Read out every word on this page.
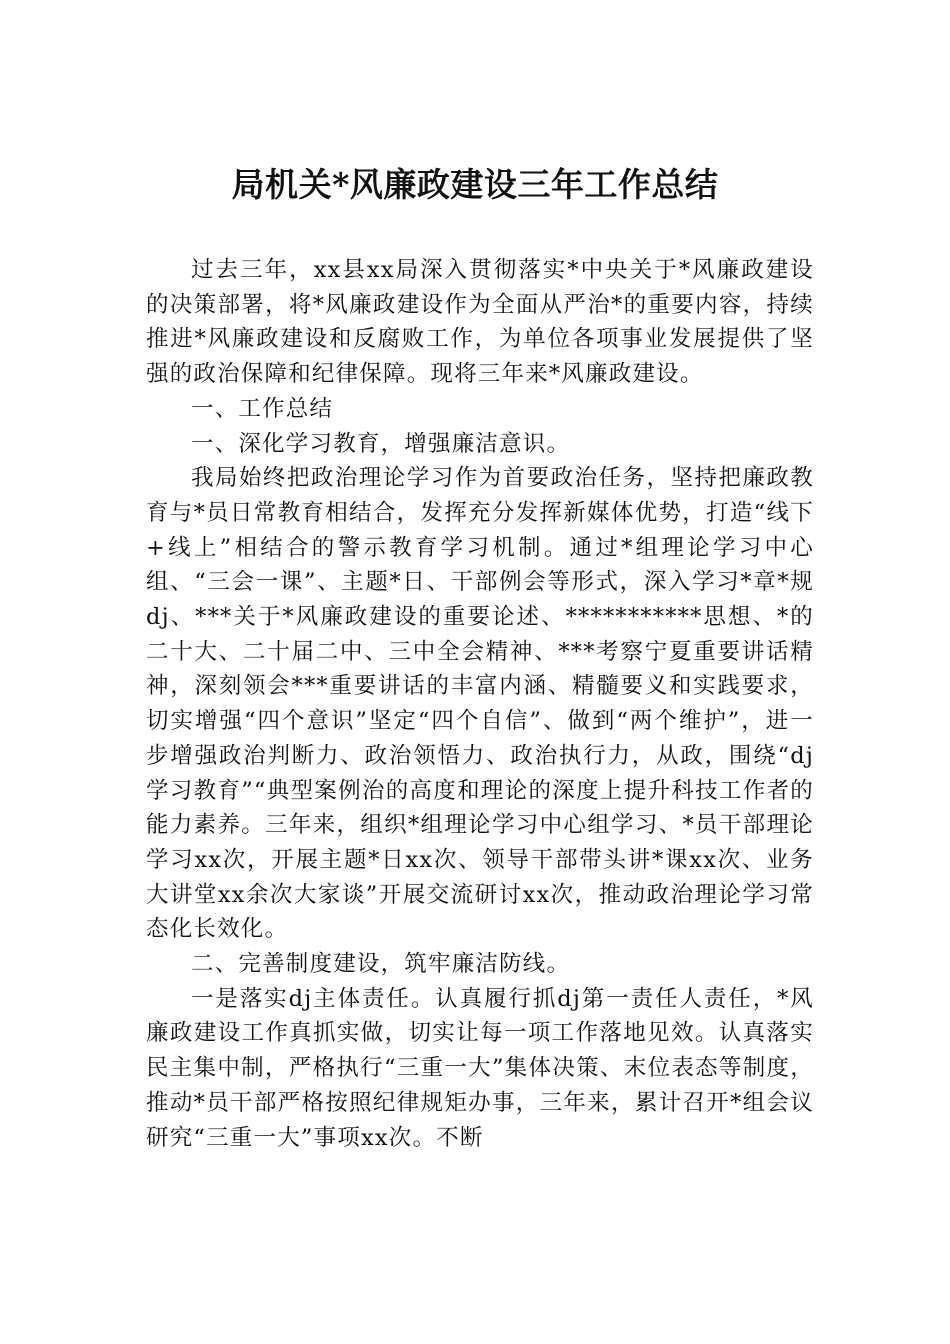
局机关*风廉政建设三年工作总结

过去三年，xx县xx局深入贯彻落实*中央关于*风廉政建设的决策部署，将*风廉政建设作为全面从严治*的重要内容，持续推进*风廉政建设和反腐败工作，为单位各项事业发展提供了坚强的政治保障和纪律保障。现将三年来*风廉政建设。

一、工作总结

一、深化学习教育，增强廉洁意识。

我局始终把政治理论学习作为首要政治任务，坚持把廉政教育与*员日常教育相结合，发挥充分发挥新媒体优势，打造“线下+线上”相结合的警示教育学习机制。通过*组理论学习中心组、“三会一课”、主题*日、干部例会等形式，深入学习*章*规dj、***关于*风廉政建设的重要论述、***********思想、*的二十大、二十届二中、三中全会精神、***考察宁夏重要讲话精神，深刻领会***重要讲话的丰富内涵、精髓要义和实践要求，切实增强“四个意识”坚定“四个自信”、做到“两个维护”，进一步增强政治判断力、政治领悟力、政治执行力，从政，围绕“dj学习教育”“典型案例治的高度和理论的深度上提升科技工作者的能力素养。三年来，组织*组理论学习中心组学习、*员干部理论学习xx次，开展主题*日xx次、领导干部带头讲*课xx次、业务大讲堂xx余次大家谈”开展交流研讨xx次，推动政治理论学习常态化长效化。

二、完善制度建设，筑牢廉洁防线。

一是落实dj主体责任。认真履行抓dj第一责任人责任，*风廉政建设工作真抓实做，切实让每一项工作落地见效。认真落实民主集中制，严格执行“三重一大”集体决策、末位表态等制度，推动*员干部严格按照纪律规矩办事，三年来，累计召开*组会议研究“三重一大”事项xx次。不断
